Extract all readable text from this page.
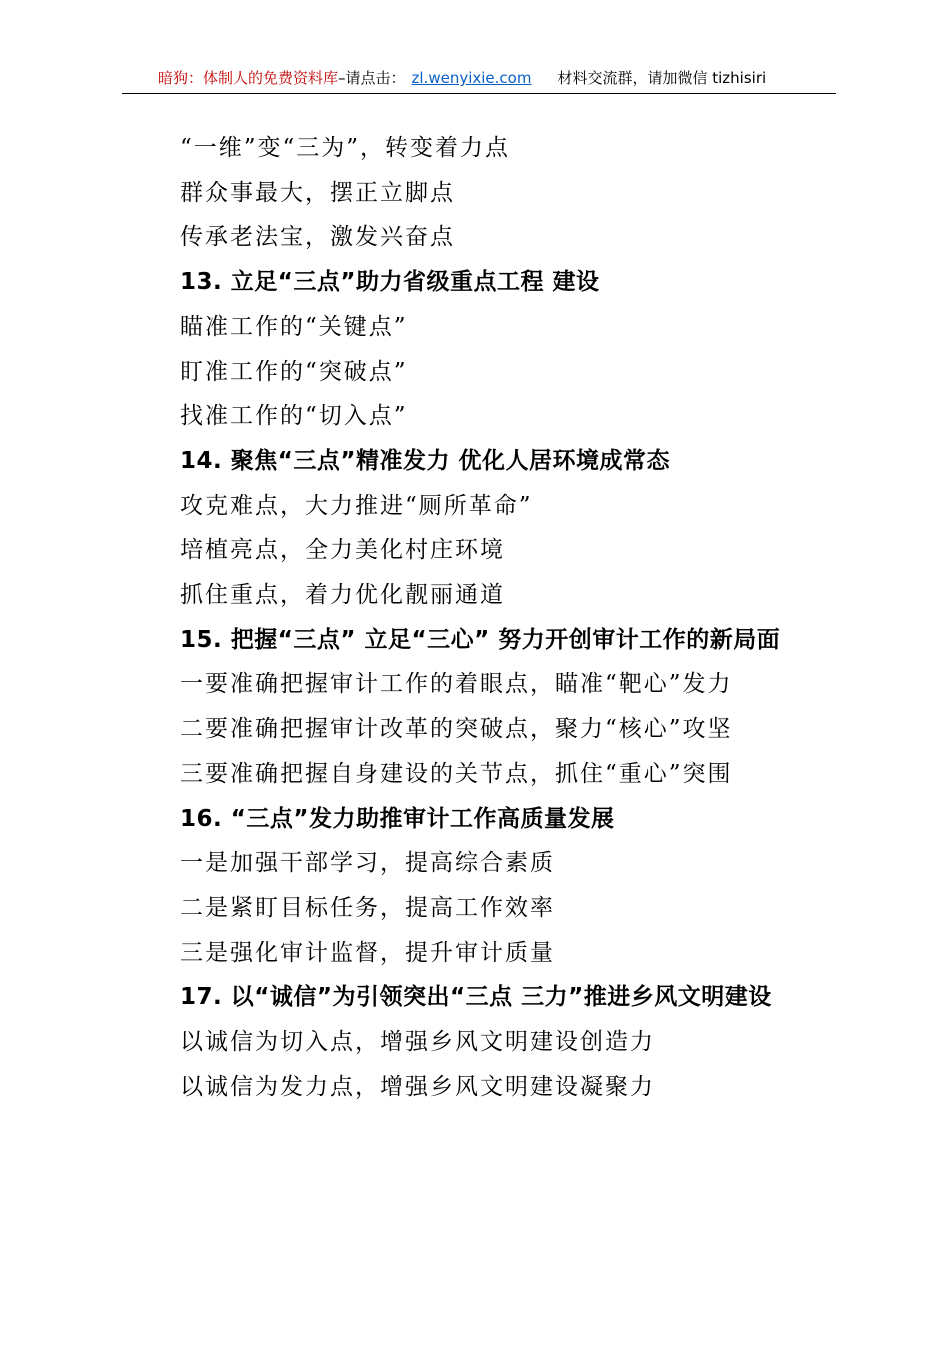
暗狗：体制人的免费资料库–请点击： zl.wenyixie.com 材料交流群，请加微信 tizhisiri

“一维”变“三为”，转变着力点

群众事最大，摆正立脚点

传承老法宝，激发兴奋点

13. 立足“三点”助力省级重点工程 建设

瞄准工作的“关键点”

盯准工作的“突破点”

找准工作的“切入点”

14. 聚焦“三点”精准发力 优化人居环境成常态

攻克难点，大力推进“厕所革命”

培植亮点，全力美化村庄环境

抓住重点，着力优化靓丽通道

15. 把握“三点” 立足“三心” 努力开创审计工作的新局面

一要准确把握审计工作的着眼点，瞄准“靶心”发力

二要准确把握审计改革的突破点，聚力“核心”攻坚

三要准确把握自身建设的关节点，抓住“重心”突围

16. “三点”发力助推审计工作高质量发展

一是加强干部学习，提高综合素质

二是紧盯目标任务，提高工作效率

三是强化审计监督，提升审计质量

17. 以“诚信”为引领突出“三点 三力”推进乡风文明建设

以诚信为切入点，增强乡风文明建设创造力

以诚信为发力点，增强乡风文明建设凝聚力
